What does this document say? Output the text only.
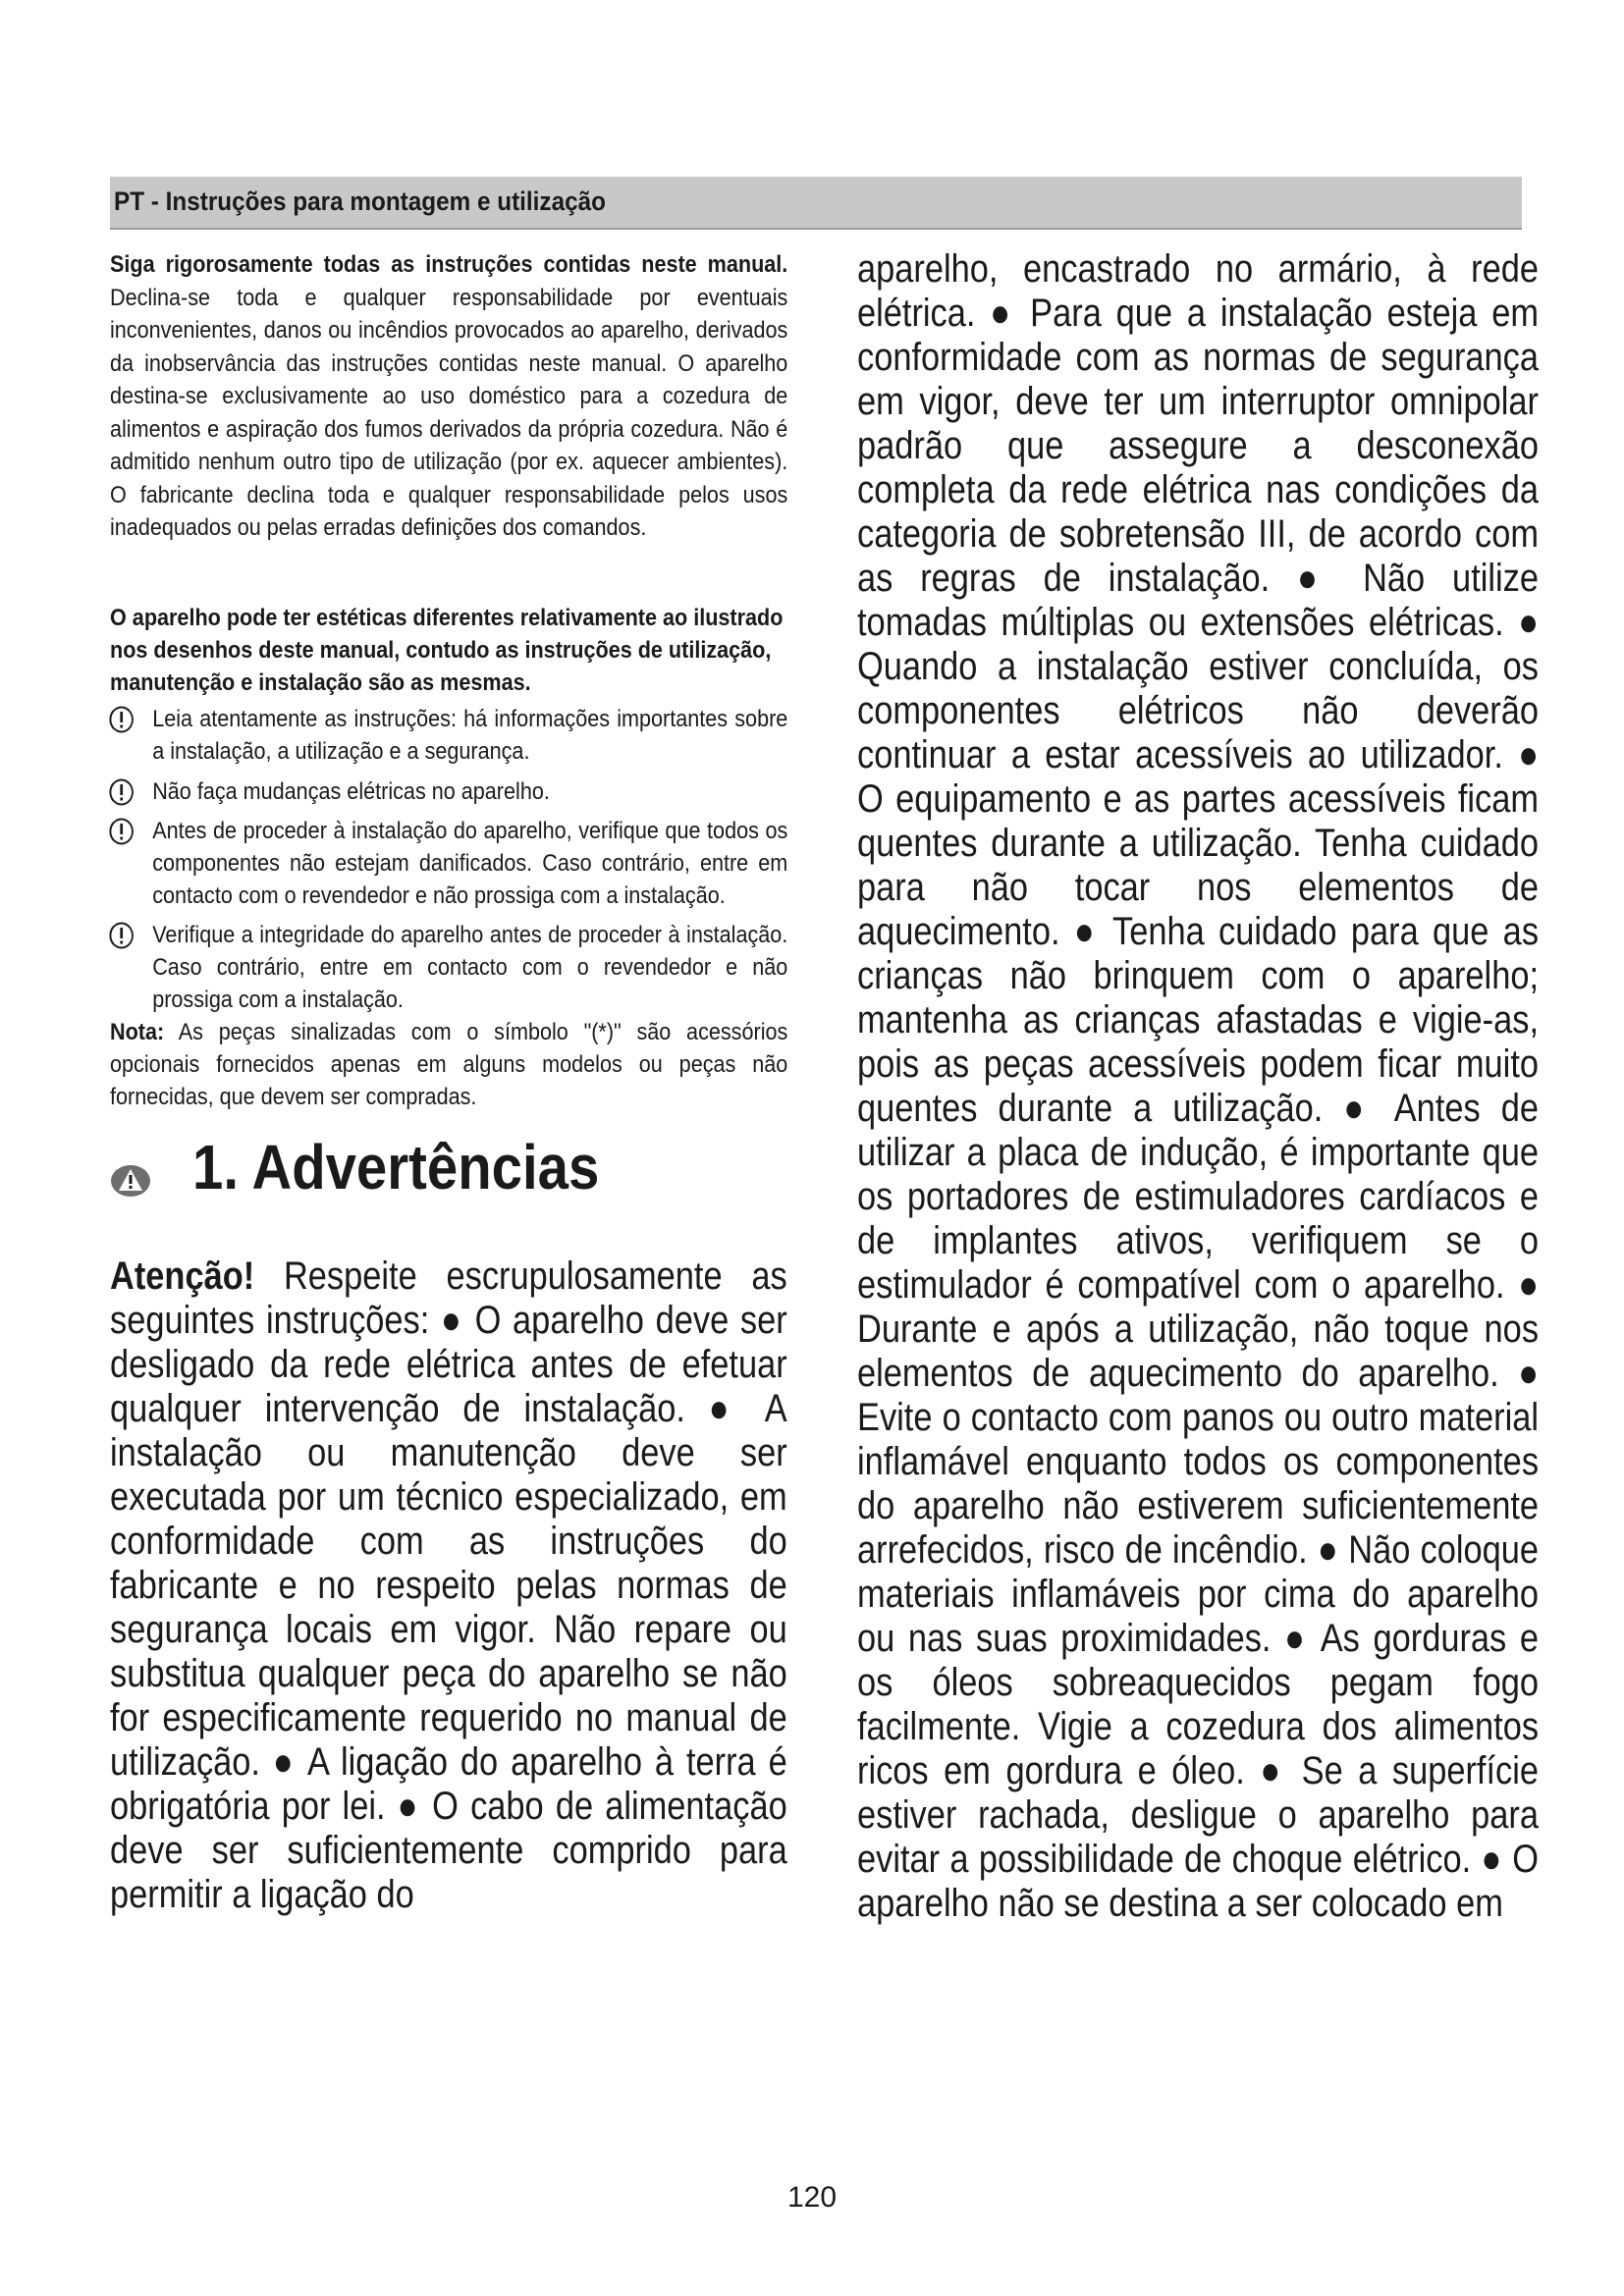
PT - Instruções para montagem e utilização

Siga rigorosamente todas as instruções contidas neste manual. Declina-se toda e qualquer responsabilidade por eventuais inconvenientes, danos ou incêndios provocados ao aparelho, derivados da inobservância das instruções contidas neste manual. O aparelho destina-se exclusivamente ao uso doméstico para a cozedura de alimentos e aspiração dos fumos derivados da própria cozedura. Não é admitido nenhum outro tipo de utilização (por ex. aquecer ambientes). O fabricante declina toda e qualquer responsabilidade pelos usos inadequados ou pelas erradas definições dos comandos.

O aparelho pode ter estéticas diferentes relativamente ao ilustrado nos desenhos deste manual, contudo as instruções de utilização, manutenção e instalação são as mesmas.

Leia atentamente as instruções: há informações importantes sobre a instalação, a utilização e a segurança.

Não faça mudanças elétricas no aparelho.

Antes de proceder à instalação do aparelho, verifique que todos os componentes não estejam danificados. Caso contrário, entre em contacto com o revendedor e não prossiga com a instalação.

Verifique a integridade do aparelho antes de proceder à instalação. Caso contrário, entre em contacto com o revendedor e não prossiga com a instalação.

Nota: As peças sinalizadas com o símbolo "(*)" são acessórios opcionais fornecidos apenas em alguns modelos ou peças não fornecidas, que devem ser compradas.

1. Advertências

Atenção! Respeite escrupulosamente as seguintes instruções: ● O aparelho deve ser desligado da rede elétrica antes de efetuar qualquer intervenção de instalação. ● A instalação ou manutenção deve ser executada por um técnico especializado, em conformidade com as instruções do fabricante e no respeito pelas normas de segurança locais em vigor. Não repare ou substitua qualquer peça do aparelho se não for especificamente requerido no manual de utilização. ● A ligação do aparelho à terra é obrigatória por lei. ● O cabo de alimentação deve ser suficientemente comprido para permitir a ligação do

aparelho, encastrado no armário, à rede elétrica. ● Para que a instalação esteja em conformidade com as normas de segurança em vigor, deve ter um interruptor omnipolar padrão que assegure a desconexão completa da rede elétrica nas condições da categoria de sobretensão III, de acordo com as regras de instalação. ● Não utilize tomadas múltiplas ou extensões elétricas. ● Quando a instalação estiver concluída, os componentes elétricos não deverão continuar a estar acessíveis ao utilizador. ● O equipamento e as partes acessíveis ficam quentes durante a utilização. Tenha cuidado para não tocar nos elementos de aquecimento. ● Tenha cuidado para que as crianças não brinquem com o aparelho; mantenha as crianças afastadas e vigie-as, pois as peças acessíveis podem ficar muito quentes durante a utilização. ● Antes de utilizar a placa de indução, é importante que os portadores de estimuladores cardíacos e de implantes ativos, verifiquem se o estimulador é compatível com o aparelho. ● Durante e após a utilização, não toque nos elementos de aquecimento do aparelho. ● Evite o contacto com panos ou outro material inflamável enquanto todos os componentes do aparelho não estiverem suficientemente arrefecidos, risco de incêndio. ● Não coloque materiais inflamáveis por cima do aparelho ou nas suas proximidades. ● As gorduras e os óleos sobreaquecidos pegam fogo facilmente. Vigie a cozedura dos alimentos ricos em gordura e óleo. ● Se a superfície estiver rachada, desligue o aparelho para evitar a possibilidade de choque elétrico. ● O aparelho não se destina a ser colocado em

120
